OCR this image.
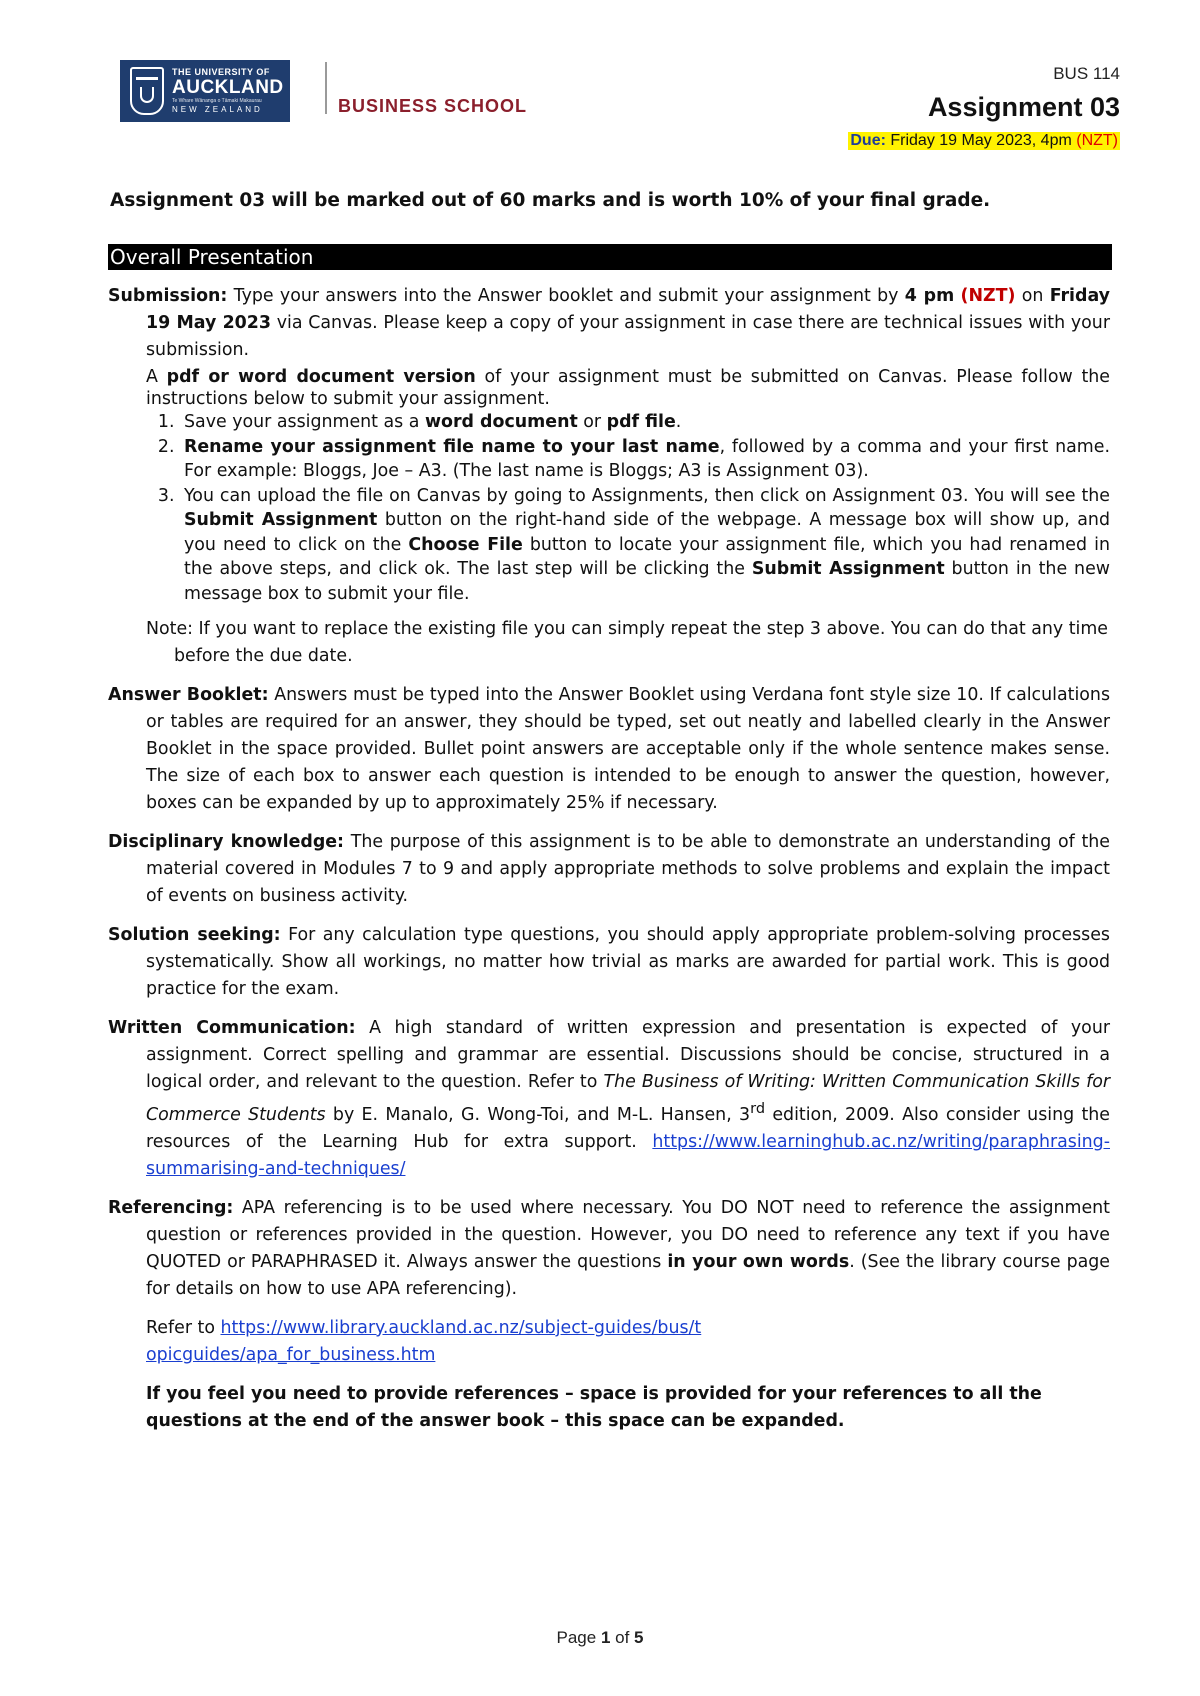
THE UNIVERSITY OF
AUCKLAND
Te Whare Wānanga o Tāmaki Makaurau
NEW ZEALAND	BUSINESS SCHOOL
BUS 114
Assignment 03
Due: Friday 19 May 2023, 4pm (NZT)
Assignment 03 will be marked out of 60 marks and is worth 10% of your final grade.
Overall Presentation

Submission: Type your answers into the Answer booklet and submit your assignment by 4 pm (NZT) on Friday 19 May 2023 via Canvas. Please keep a copy of your assignment in case there are technical issues with your submission.

A pdf or word document version of your assignment must be submitted on Canvas. Please follow the instructions below to submit your assignment.

1. Save your assignment as a word document or pdf file.
2. Rename your assignment file name to your last name, followed by a comma and your first name. For example: Bloggs, Joe – A3. (The last name is Bloggs; A3 is Assignment 03).
3. You can upload the file on Canvas by going to Assignments, then click on Assignment 03. You will see the Submit Assignment button on the right-hand side of the webpage. A message box will show up, and you need to click on the Choose File button to locate your assignment file, which you had renamed in the above steps, and click ok. The last step will be clicking the Submit Assignment button in the new message box to submit your file.

Note: If you want to replace the existing file you can simply repeat the step 3 above. You can do that any time before the due date.

Answer Booklet: Answers must be typed into the Answer Booklet using Verdana font style size 10. If calculations or tables are required for an answer, they should be typed, set out neatly and labelled clearly in the Answer Booklet in the space provided. Bullet point answers are acceptable only if the whole sentence makes sense. The size of each box to answer each question is intended to be enough to answer the question, however, boxes can be expanded by up to approximately 25% if necessary.

Disciplinary knowledge: The purpose of this assignment is to be able to demonstrate an understanding of the material covered in Modules 7 to 9 and apply appropriate methods to solve problems and explain the impact of events on business activity.

Solution seeking: For any calculation type questions, you should apply appropriate problem-solving processes systematically. Show all workings, no matter how trivial as marks are awarded for partial work. This is good practice for the exam.

Written Communication: A high standard of written expression and presentation is expected of your assignment. Correct spelling and grammar are essential. Discussions should be concise, structured in a logical order, and relevant to the question. Refer to The Business of Writing: Written Communication Skills for Commerce Students by E. Manalo, G. Wong-Toi, and M-L. Hansen, 3rd edition, 2009. Also consider using the resources of the Learning Hub for extra support. https://www.learninghub.ac.nz/writing/paraphrasing-summarising-and-techniques/

Referencing: APA referencing is to be used where necessary. You DO NOT need to reference the assignment question or references provided in the question. However, you DO need to reference any text if you have QUOTED or PARAPHRASED it. Always answer the questions in your own words. (See the library course page for details on how to use APA referencing).

Refer to https://www.library.auckland.ac.nz/subject-guides/bus/topicguides/apa_for_business.htm

If you feel you need to provide references – space is provided for your references to all the questions at the end of the answer book – this space can be expanded.

Page 1 of 5
